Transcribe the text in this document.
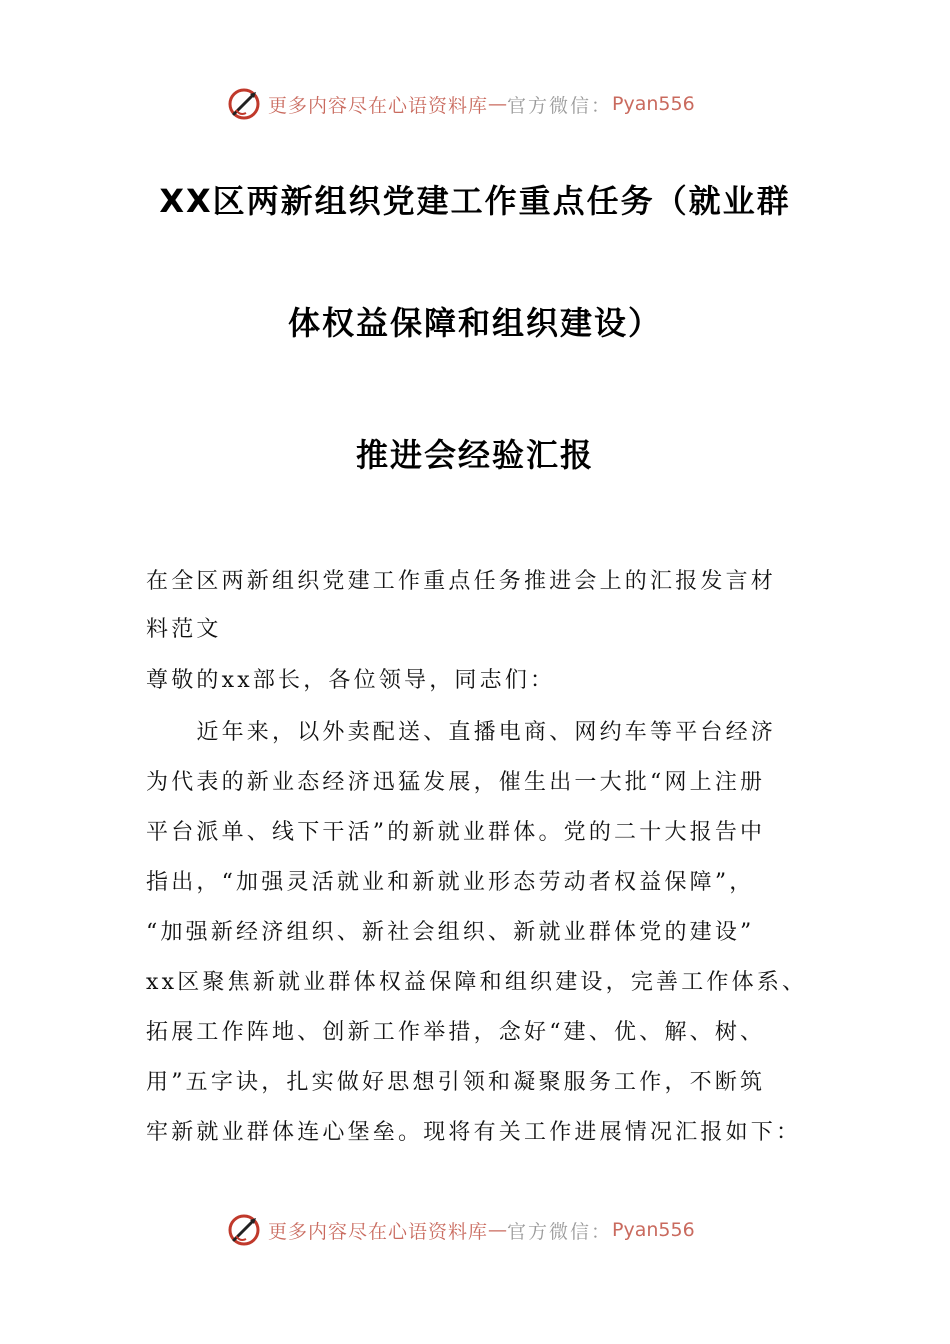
更多内容尽在心语资料库 — 官方微信： Pyan556
XX区两新组织党建工作重点任务（就业群
体权益保障和组织建设）
推进会经验汇报
在全区两新组织党建工作重点任务推进会上的汇报发言材
料范文
尊敬的xx部长，各位领导，同志们：
　　近年来，以外卖配送、直播电商、网约车等平台经济
为代表的新业态经济迅猛发展，催生出一大批“网上注册
平台派单、线下干活”的新就业群体。党的二十大报告中
指出，“加强灵活就业和新就业形态劳动者权益保障”，
“加强新经济组织、新社会组织、新就业群体党的建设”
xx区聚焦新就业群体权益保障和组织建设，完善工作体系、
拓展工作阵地、创新工作举措，念好“建、优、解、树、
用”五字诀，扎实做好思想引领和凝聚服务工作，不断筑
牢新就业群体连心堡垒。现将有关工作进展情况汇报如下：
更多内容尽在心语资料库 — 官方微信： Pyan556
